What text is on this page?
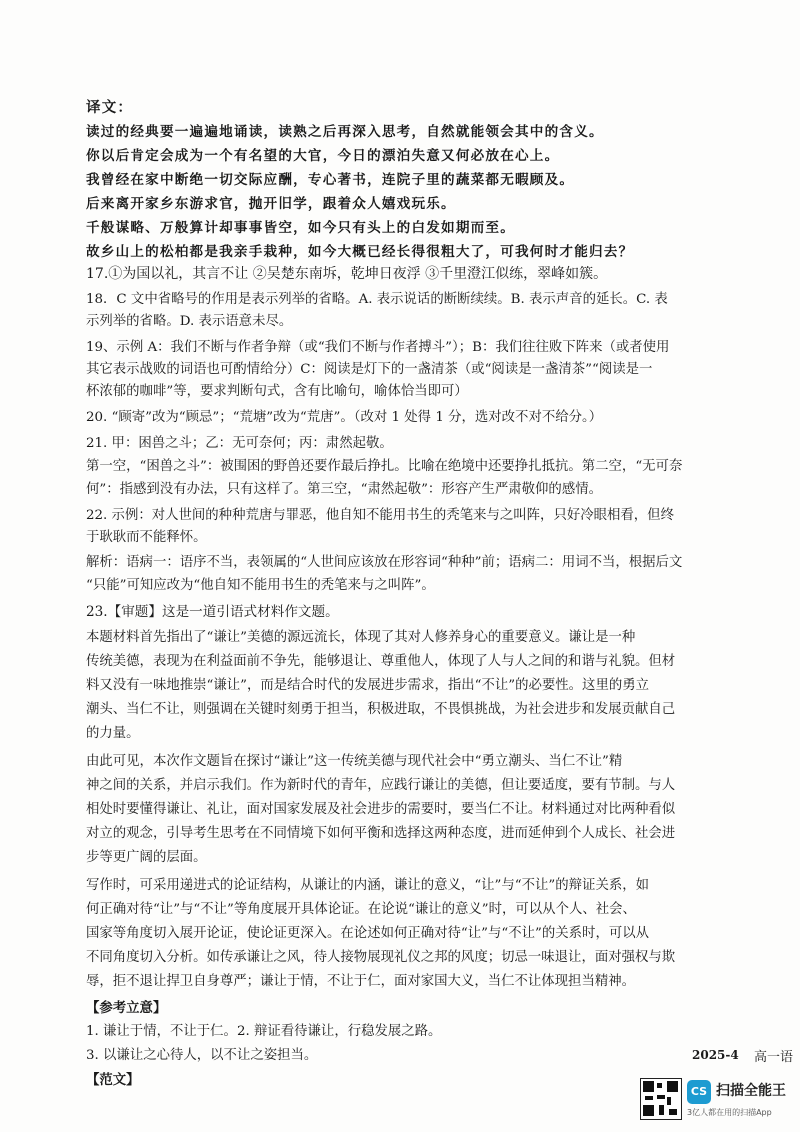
译文：
读过的经典要一遍遍地诵读，读熟之后再深入思考，自然就能领会其中的含义。
你以后肯定会成为一个有名望的大官，今日的漂泊失意又何必放在心上。
我曾经在家中断绝一切交际应酬，专心著书，连院子里的蔬菜都无暇顾及。
后来离开家乡东游求官，抛开旧学，跟着众人嬉戏玩乐。
千般谋略、万般算计却事事皆空，如今只有头上的白发如期而至。
故乡山上的松柏都是我亲手栽种，如今大概已经长得很粗大了，可我何时才能归去？
17.①为国以礼，其言不让 ②吴楚东南坼，乾坤日夜浮 ③千里澄江似练，翠峰如簇。
18．C 文中省略号的作用是表示列举的省略。A. 表示说话的断断续续。B. 表示声音的延长。C. 表
示列举的省略。D. 表示语意未尽。
19、示例 A：我们不断与作者争辩（或“我们不断与作者搏斗”）；B：我们往往败下阵来（或者使用
其它表示战败的词语也可酌情给分）C：阅读是灯下的一盏清茶（或“阅读是一盏清茶”“阅读是一
杯浓郁的咖啡”等，要求判断句式，含有比喻句，喻体恰当即可）
20. “顾寄”改为“顾忌”；“荒塘”改为“荒唐”。（改对 1 处得 1 分，选对改不对不给分。）
21. 甲：困兽之斗；乙：无可奈何；丙：肃然起敬。
第一空，“困兽之斗”：被围困的野兽还要作最后挣扎。比喻在绝境中还要挣扎抵抗。第二空，“无可奈
何”：指感到没有办法，只有这样了。第三空，“肃然起敬”：形容产生严肃敬仰的感情。
22. 示例：对人世间的种种荒唐与罪恶，他自知不能用书生的秃笔来与之叫阵，只好冷眼相看，但终
于耿耿而不能释怀。
解析：语病一：语序不当，表领属的“人世间应该放在形容词“种种”前；语病二：用词不当，根据后文
“只能”可知应改为“他自知不能用书生的秃笔来与之叫阵”。
23.【审题】这是一道引语式材料作文题。
本题材料首先指出了“谦让”美德的源远流长，体现了其对人修养身心的重要意义。谦让是一种
传统美德，表现为在利益面前不争先，能够退让、尊重他人，体现了人与人之间的和谐与礼貌。但材
料又没有一味地推崇“谦让”，而是结合时代的发展进步需求，指出“不让”的必要性。这里的勇立
潮头、当仁不让，则强调在关键时刻勇于担当，积极进取，不畏惧挑战，为社会进步和发展贡献自己
的力量。
由此可见，本次作文题旨在探讨“谦让”这一传统美德与现代社会中“勇立潮头、当仁不让”精
神之间的关系，并启示我们。作为新时代的青年，应践行谦让的美德，但让要适度，要有节制。与人
相处时要懂得谦让、礼让，面对国家发展及社会进步的需要时，要当仁不让。材料通过对比两种看似
对立的观念，引导考生思考在不同情境下如何平衡和选择这两种态度，进而延伸到个人成长、社会进
步等更广阔的层面。
写作时，可采用递进式的论证结构，从谦让的内涵，谦让的意义，“让”与“不让”的辩证关系，如
何正确对待“让”与“不让”等角度展开具体论证。在论说“谦让的意义”时，可以从个人、社会、
国家等角度切入展开论证，使论证更深入。在论述如何正确对待“让”与“不让”的关系时，可以从
不同角度切入分析。如传承谦让之风，待人接物展现礼仪之邦的风度；切忌一味退让，面对强权与欺
辱，拒不退让捍卫自身尊严；谦让于情，不让于仁，面对家国大义，当仁不让体现担当精神。
【参考立意】
1. 谦让于情，不让于仁。2. 辩证看待谦让，行稳发展之路。
3. 以谦让之心待人，以不让之姿担当。
【范文】
2025-4 高一语
CS 扫描全能王
3亿人都在用的扫描App
